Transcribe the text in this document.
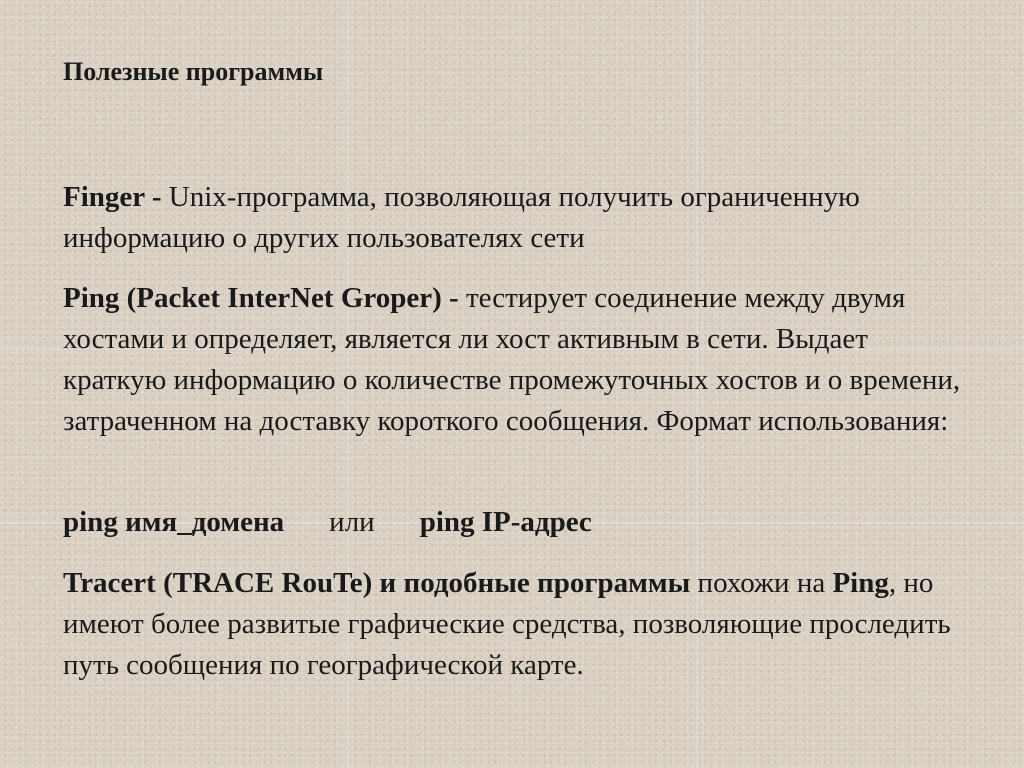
Полезные программы

Finger - Unix-программа, позволяющая получить ограниченную информацию о других пользователях сети

Ping (Packet InterNet Groper) - тестирует соединение между двумя хостами и определяет, является ли хост активным в сети. Выдает краткую информацию о количестве промежуточных хостов и о времени, затраченном на доставку короткого сообщения. Формат использования:

ping имя_домена или ping IP-адрес

Tracert (TRACE RouTe) и подобные программы похожи на Ping, но имеют более развитые графические средства, позволяющие проследить путь сообщения по географической карте.
